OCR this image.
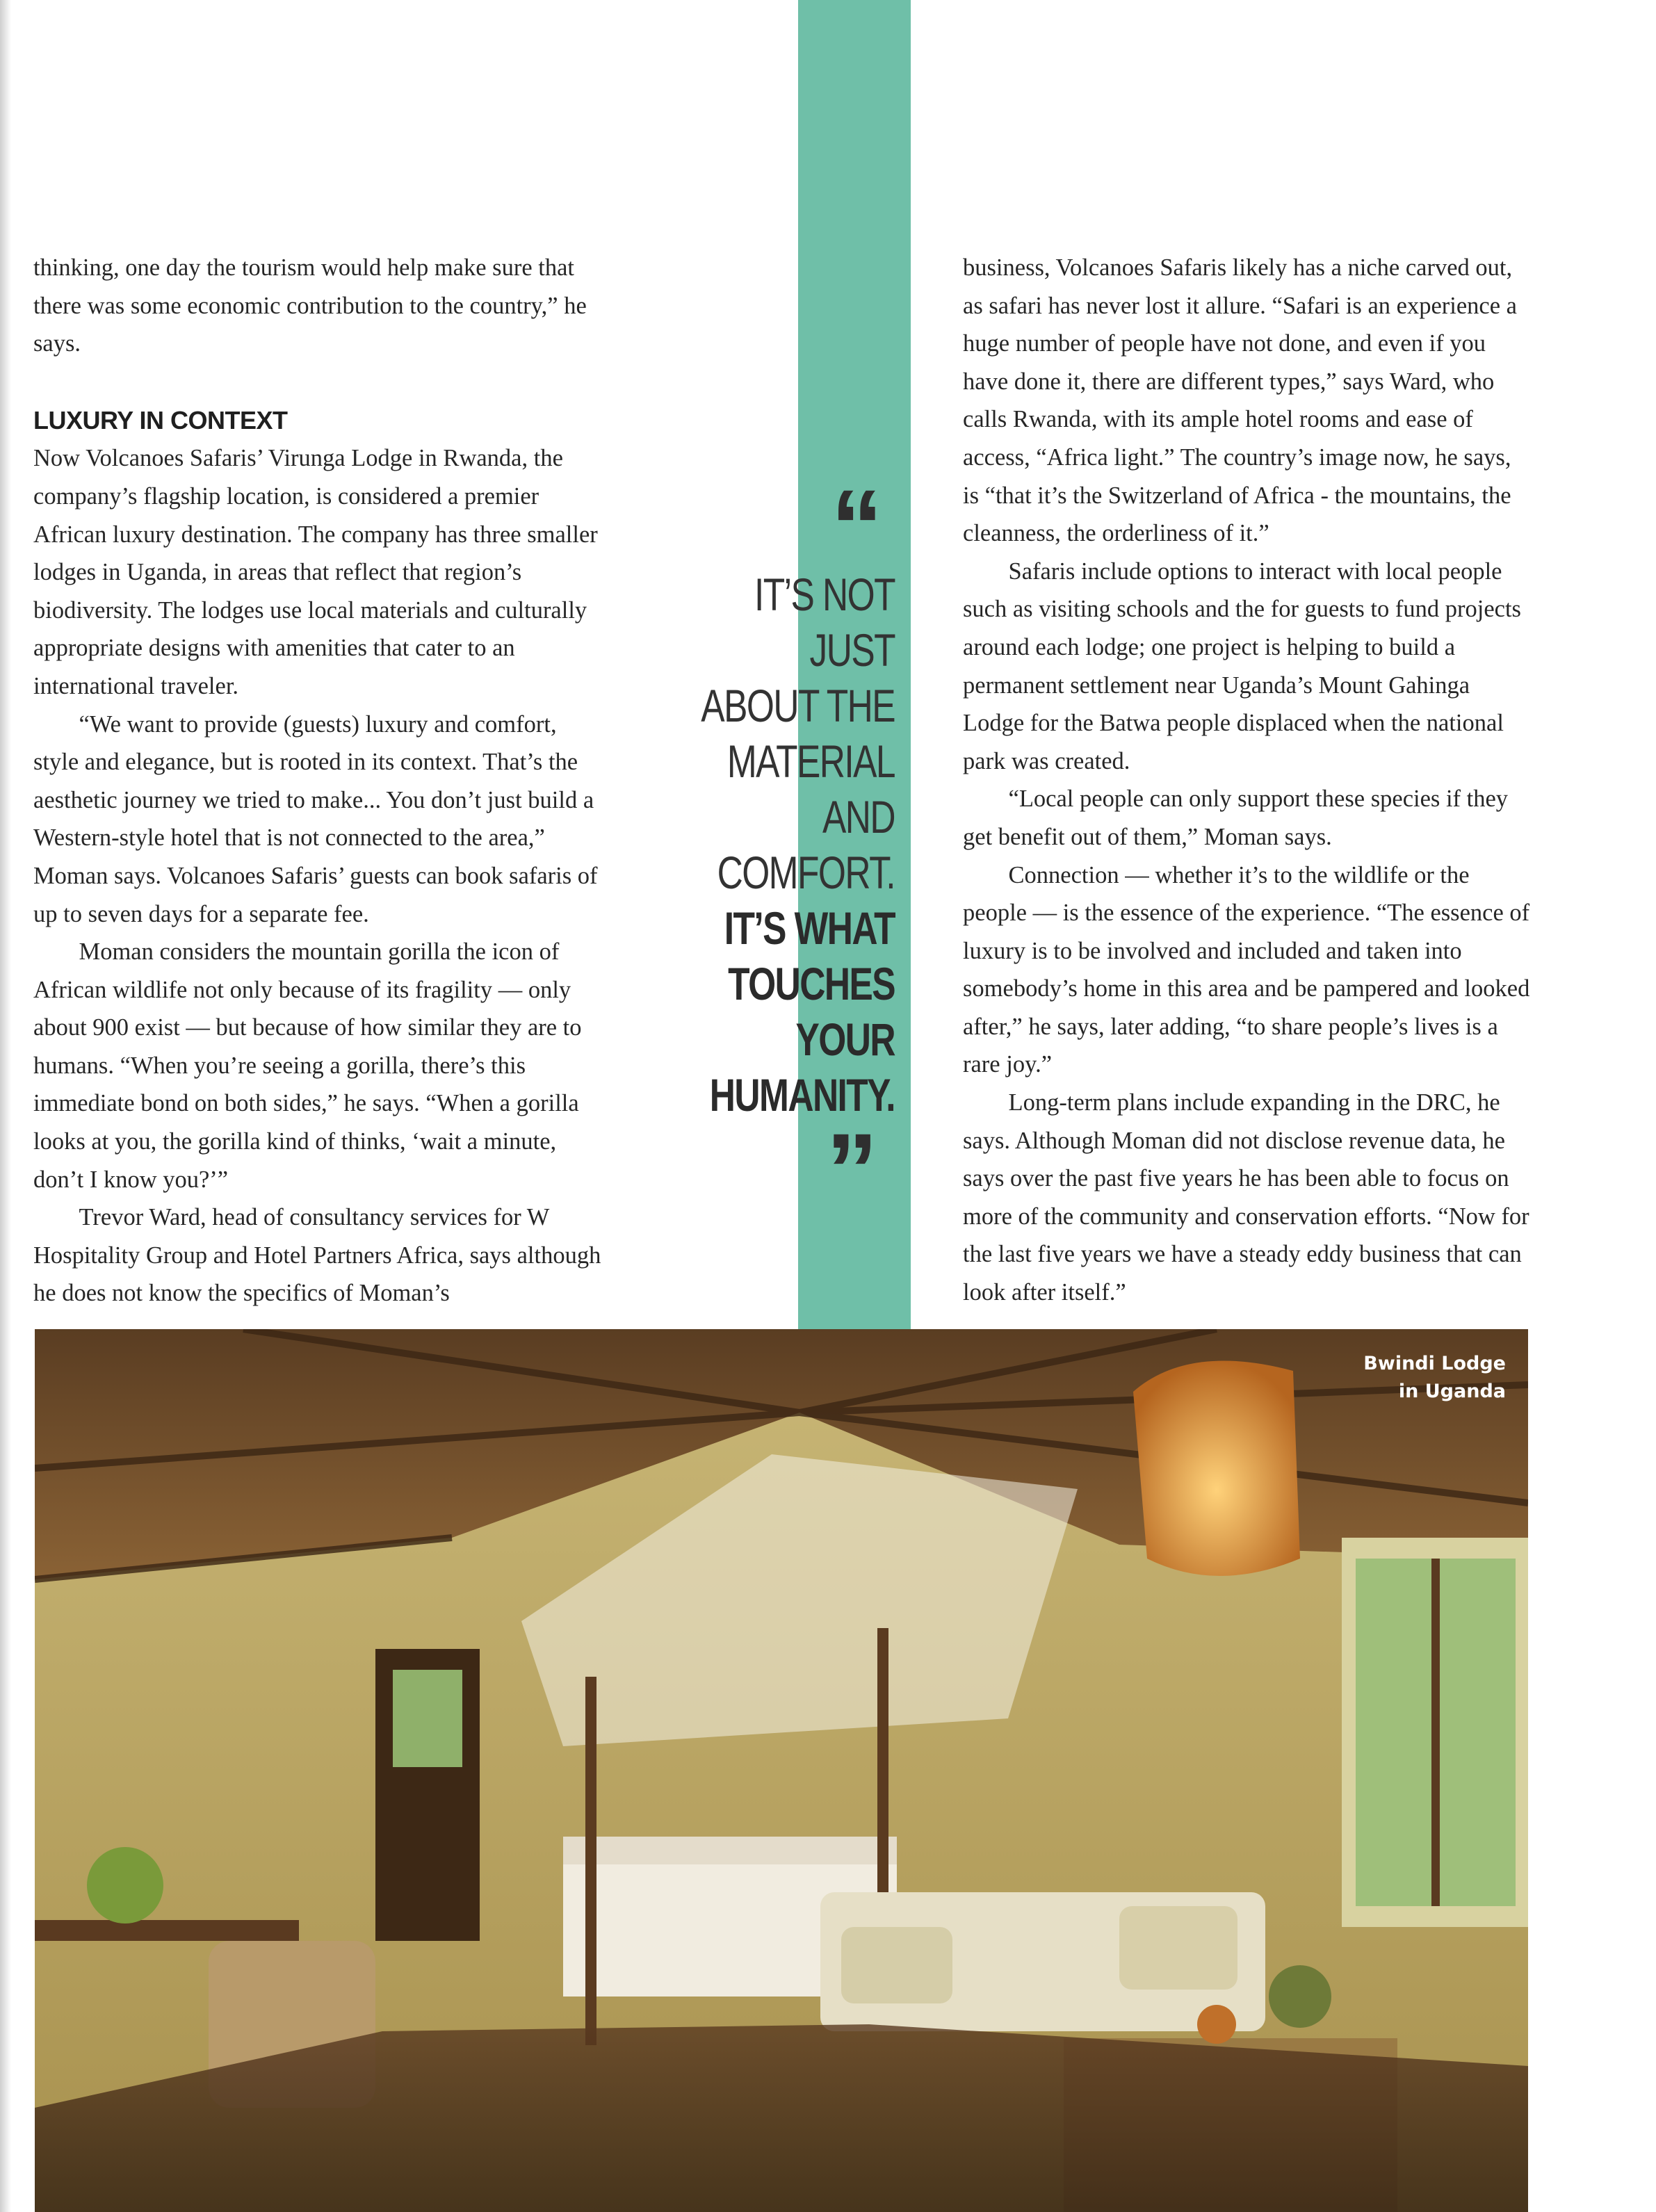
thinking, one day the tourism would help make sure that there was some economic contribution to the country,” he says.

LUXURY IN CONTEXT

Now Volcanoes Safaris’ Virunga Lodge in Rwanda, the company’s flagship location, is considered a premier African luxury destination. The company has three smaller lodges in Uganda, in areas that reflect that region’s biodiversity. The lodges use local materials and culturally appropriate designs with amenities that cater to an international traveler.

“We want to provide (guests) luxury and comfort, style and elegance, but is rooted in its context. That’s the aesthetic journey we tried to make... You don’t just build a Western-style hotel that is not connected to the area,” Moman says. Volcanoes Safaris’ guests can book safaris of up to seven days for a separate fee.

Moman considers the mountain gorilla the icon of African wildlife not only because of its fragility — only about 900 exist — but because of how similar they are to humans. “When you’re seeing a gorilla, there’s this immediate bond on both sides,” he says. “When a gorilla looks at you, the gorilla kind of thinks, ‘wait a minute, don’t I know you?’”

Trevor Ward, head of consultancy services for W Hospitality Group and Hotel Partners Africa, says although he does not know the specifics of Moman’s

business, Volcanoes Safaris likely has a niche carved out, as safari has never lost it allure. “Safari is an experience a huge number of people have not done, and even if you have done it, there are different types,” says Ward, who calls Rwanda, with its ample hotel rooms and ease of access, “Africa light.” The country’s image now, he says, is “that it’s the Switzerland of Africa - the mountains, the cleanness, the orderliness of it.”

Safaris include options to interact with local people such as visiting schools and the for guests to fund projects around each lodge; one project is helping to build a permanent settlement near Uganda’s Mount Gahinga Lodge for the Batwa people displaced when the national park was created.

“Local people can only support these species if they get benefit out of them,” Moman says.

Connection — whether it’s to the wildlife or the people — is the essence of the experience. “The essence of luxury is to be involved and included and taken into somebody’s home in this area and be pampered and looked after,” he says, later adding, “to share people’s lives is a rare joy.”

Long-term plans include expanding in the DRC, he says. Although Moman did not disclose revenue data, he says over the past five years he has been able to focus on more of the community and conservation efforts. “Now for the last five years we have a steady eddy business that can look after itself.”

“
IT’S NOT JUST
ABOUT THE
MATERIAL
AND COMFORT.
IT’S WHAT
TOUCHES
YOUR
HUMANITY.
”
Bwindi Lodge
in Uganda
